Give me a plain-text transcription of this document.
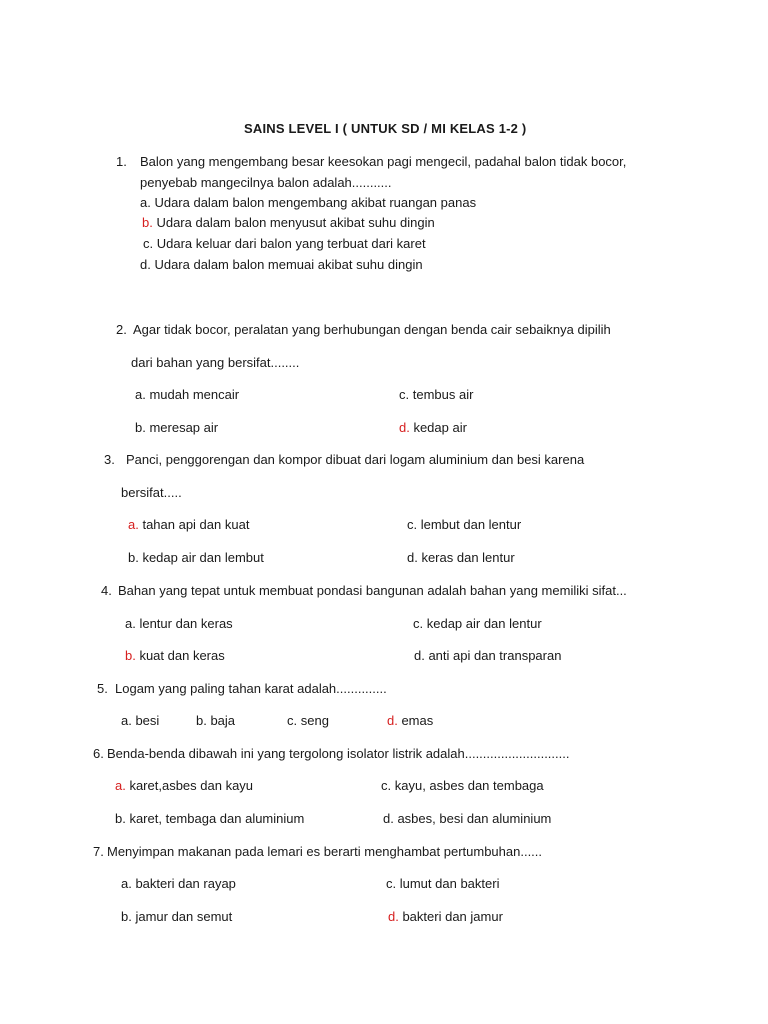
SAINS LEVEL I ( UNTUK SD / MI KELAS 1-2 )
1. Balon yang mengembang besar keesokan pagi mengecil, padahal balon tidak bocor,
penyebab mangecilnya balon adalah...........
a. Udara dalam balon mengembang akibat ruangan panas
b. Udara dalam balon menyusut akibat suhu dingin
c. Udara keluar dari balon yang terbuat dari karet
d. Udara dalam balon memuai akibat suhu dingin
2. Agar tidak bocor, peralatan yang berhubungan dengan benda cair sebaiknya dipilih
dari bahan yang bersifat........
a. mudah mencair
b. meresap air
c. tembus air
d. kedap air
3. Panci, penggorengan dan kompor dibuat dari logam aluminium dan besi karena
bersifat.....
a. tahan api dan kuat
b. kedap air dan lembut
c. lembut dan lentur
d. keras dan lentur
4. Bahan yang tepat untuk membuat pondasi bangunan adalah bahan yang memiliki sifat...
a. lentur dan keras
b. kuat dan keras
c. kedap air dan lentur
d. anti api dan transparan
5. Logam yang paling tahan karat adalah..............
a. besi	b. baja	c. seng	d. emas
6. Benda-benda dibawah ini yang tergolong isolator listrik adalah.............................
a. karet,asbes dan kayu
b. karet, tembaga dan aluminium
c. kayu, asbes dan tembaga
d. asbes, besi dan aluminium
7. Menyimpan makanan pada lemari es berarti menghambat pertumbuhan......
a. bakteri dan rayap
b. jamur dan semut
c. lumut dan bakteri
d. bakteri dan jamur
